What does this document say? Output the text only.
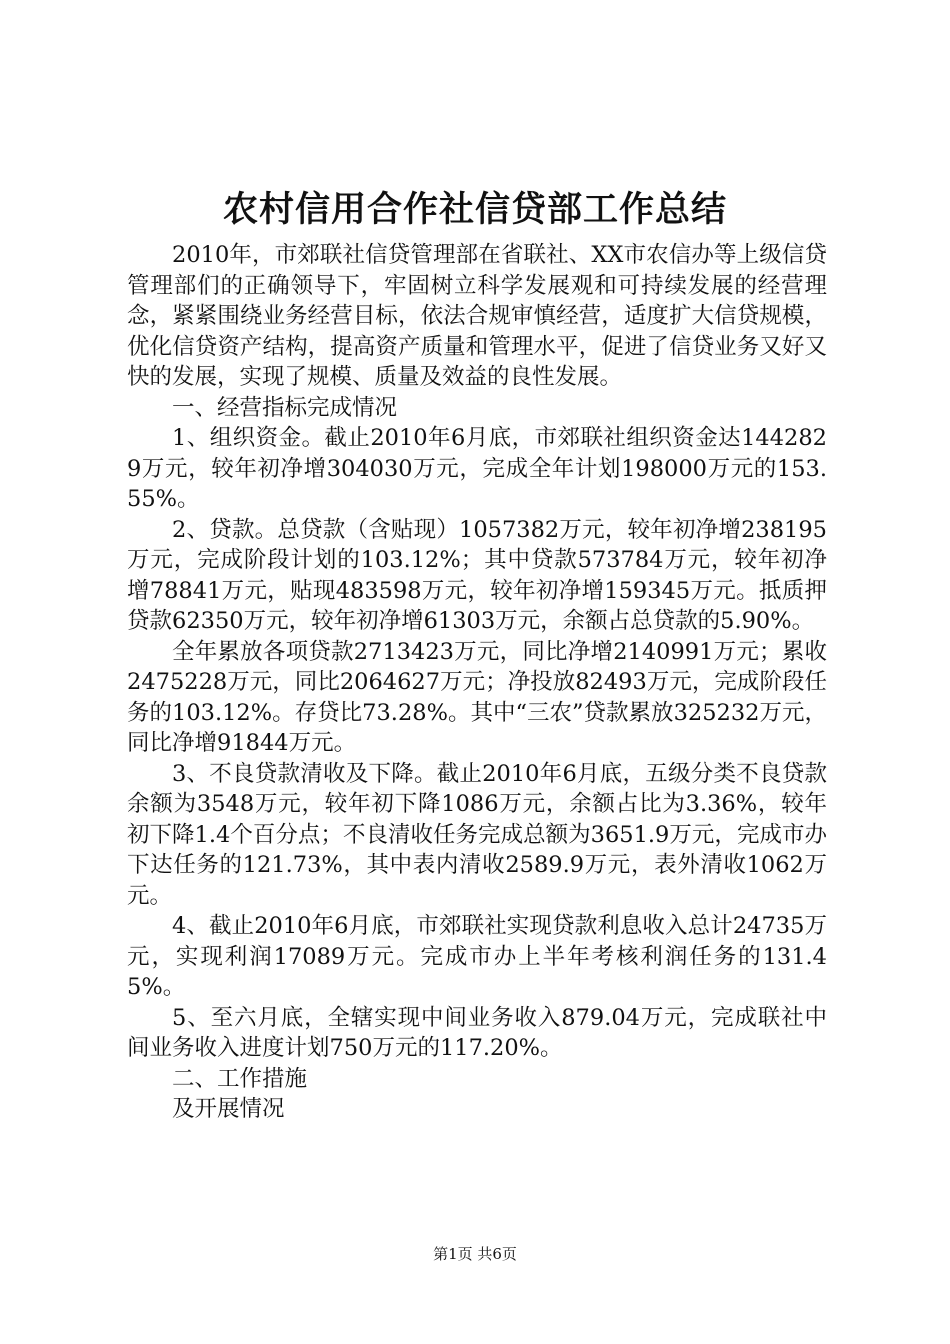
农村信用合作社信贷部工作总结

2010年，市郊联社信贷管理部在省联社、XX市农信办等上级信贷管理部们的正确领导下，牢固树立科学发展观和可持续发展的经营理念，紧紧围绕业务经营目标，依法合规审慎经营，适度扩大信贷规模，优化信贷资产结构，提高资产质量和管理水平，促进了信贷业务又好又快的发展，实现了规模、质量及效益的良性发展。

一、经营指标完成情况

1、组织资金。截止2010年6月底，市郊联社组织资金达1442829万元，较年初净增304030万元，完成全年计划198000万元的153.55%。

2、贷款。总贷款（含贴现）1057382万元，较年初净增238195万元，完成阶段计划的103.12%；其中贷款573784万元，较年初净增78841万元，贴现483598万元，较年初净增159345万元。抵质押贷款62350万元，较年初净增61303万元，余额占总贷款的5.90%。

全年累放各项贷款2713423万元，同比净增2140991万元；累收2475228万元，同比2064627万元；净投放82493万元，完成阶段任务的103.12%。存贷比73.28%。其中“三农”贷款累放325232万元，同比净增91844万元。

3、不良贷款清收及下降。截止2010年6月底，五级分类不良贷款余额为3548万元，较年初下降1086万元，余额占比为3.36%，较年初下降1.4个百分点；不良清收任务完成总额为3651.9万元，完成市办下达任务的121.73%，其中表内清收2589.9万元，表外清收1062万元。

4、截止2010年6月底，市郊联社实现贷款利息收入总计24735万元，实现利润17089万元。完成市办上半年考核利润任务的131.45%。

5、至六月底，全辖实现中间业务收入879.04万元，完成联社中间业务收入进度计划750万元的117.20%。

二、工作措施

及开展情况

第1页 共6页
